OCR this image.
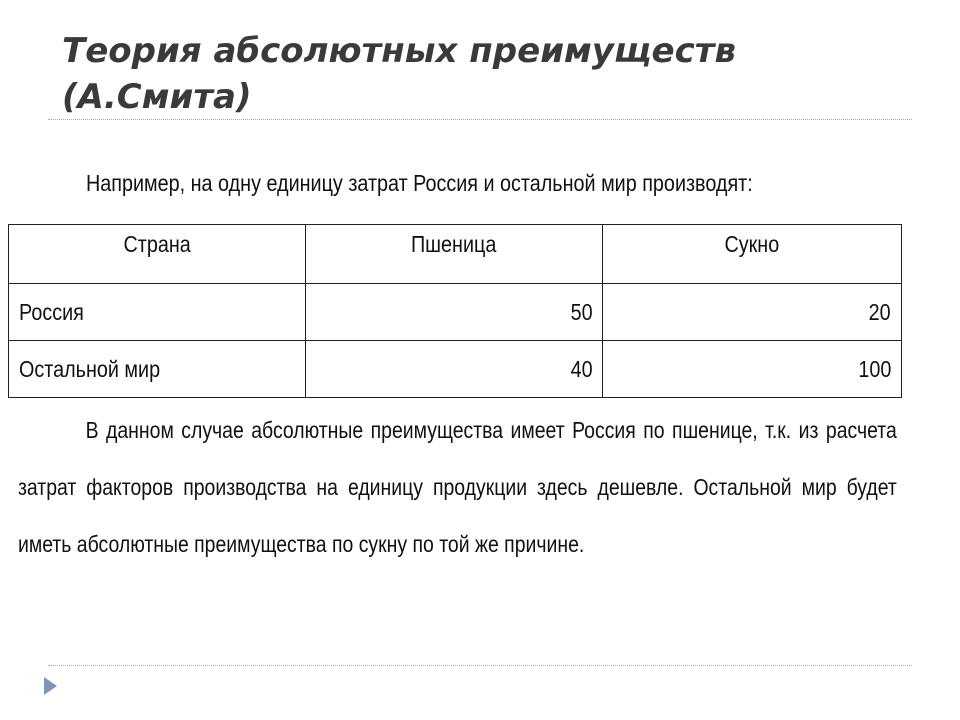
Теория абсолютных преимуществ
(А.Смита)
Например, на одну единицу затрат Россия и остальной мир производят:
Страна	Пшеница	Сукно
Россия	50	20
Остальной мир	40	100

В данном случае абсолютные преимущества имеет Россия по пшенице, т.к. из расчета затрат факторов производства на единицу продукции здесь дешевле. Остальной мир будет иметь абсолютные преимущества по сукну по той же причине.
